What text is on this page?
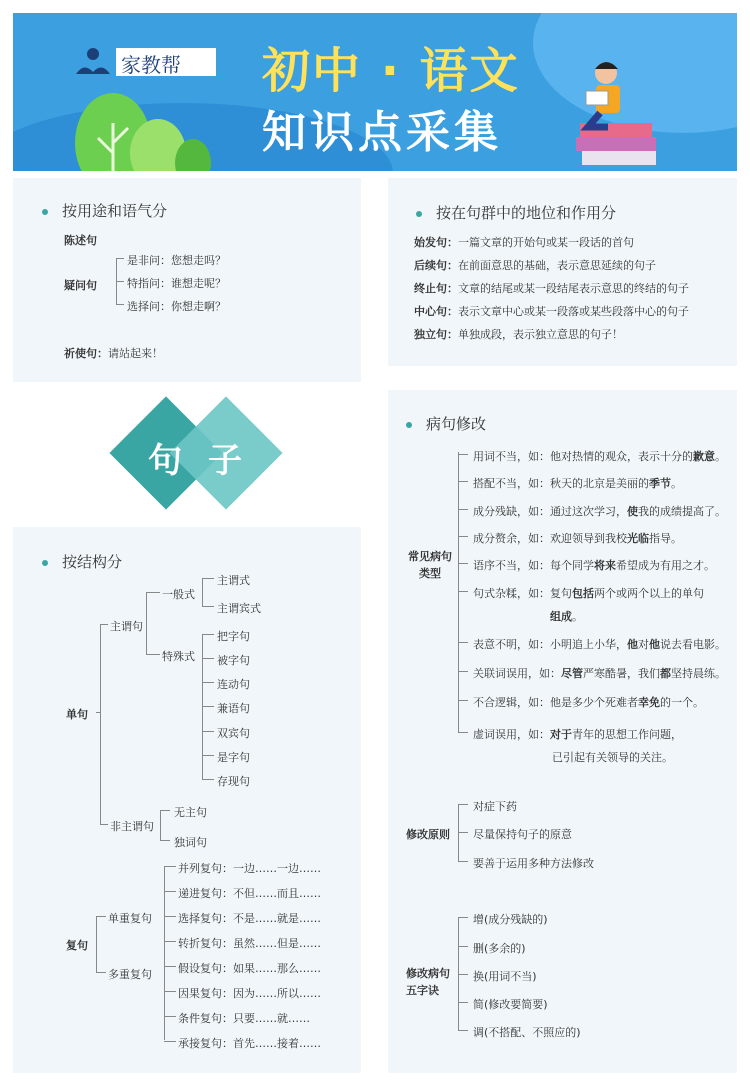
家教帮 初中 · 语文
知识点采集
按用途和语气分
陈述句
疑问句
是非问：您想走吗？
特指问：谁想走呢？
选择问：你想走啊？
祈使句：请站起来！
按在句群中的地位和作用分
始发句：一篇文章的开始句或某一段话的首句
后续句：在前面意思的基础，表示意思延续的句子
终止句：文章的结尾或某一段结尾表示意思的终结的句子
中心句：表示文章中心或某一段落或某些段落中心的句子
独立句：单独成段，表示独立意思的句子！
句 子
按结构分
单句
主谓句
一般式
主谓式
主谓宾式
特殊式
把字句
被字句
连动句
兼语句
双宾句
是字句
存现句
非主谓句
无主句
独词句
复句
单重复句
多重复句
并列复句：一边……一边……
递进复句：不但……而且……
选择复句：不是……就是……
转折复句：虽然……但是……
假设复句：如果……那么……
因果复句：因为……所以……
条件复句：只要……就……
承接复句：首先……接着……
病句修改
常见病句类型
用词不当，如：他对热情的观众，表示十分的歉意。
搭配不当，如：秋天的北京是美丽的季节。
成分残缺，如：通过这次学习，使我的成绩提高了。
成分赘余，如：欢迎领导到我校光临指导。
语序不当，如：每个同学将来希望成为有用之才。
句式杂糅，如：复句包括两个或两个以上的单句
组成。
表意不明，如：小明追上小华，他对他说去看电影。
关联词误用，如：尽管严寒酷暑，我们都坚持晨练。
不合逻辑，如：他是多少个死难者幸免的一个。
虚词误用，如：对于青年的思想工作问题，
已引起有关领导的关注。
修改原则
对症下药
尽量保持句子的原意
要善于运用多种方法修改
修改病句五字诀
增(成分残缺的)
删(多余的)
换(用词不当)
简(修改要简要)
调(不搭配、不照应的)
